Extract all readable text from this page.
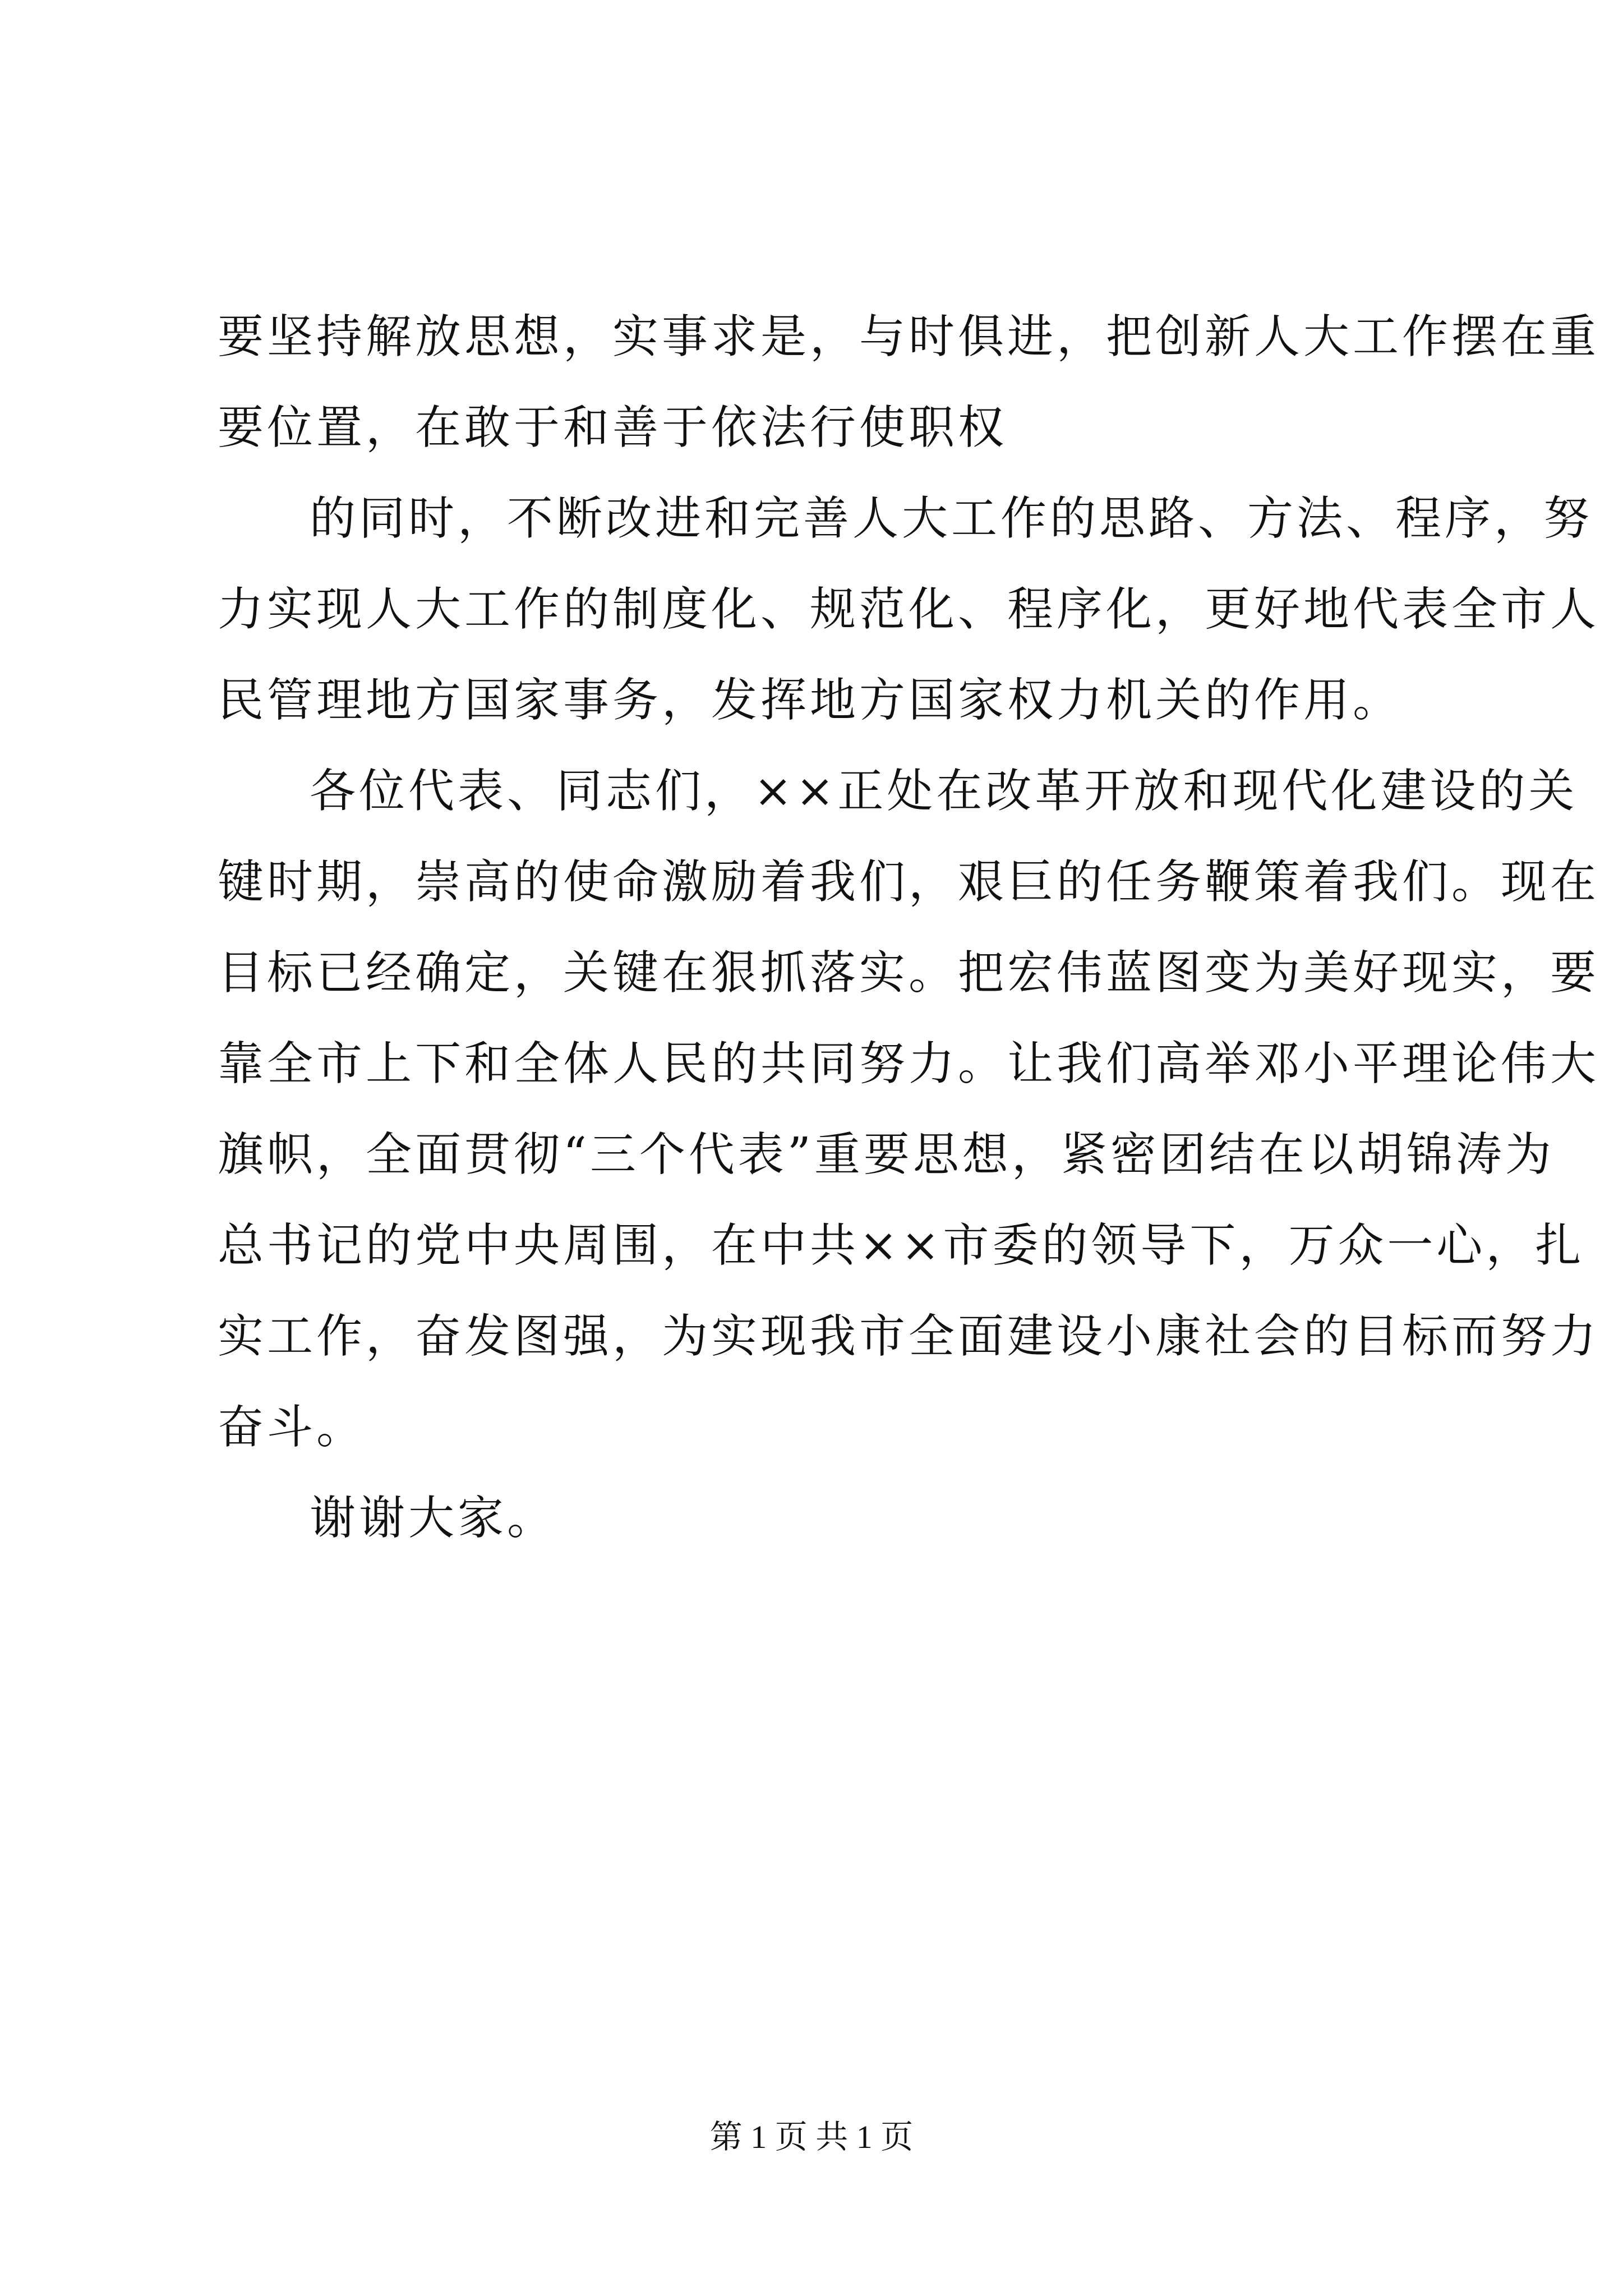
要坚持解放思想，实事求是，与时俱进，把创新人大工作摆在重
要位置，在敢于和善于依法行使职权
的同时，不断改进和完善人大工作的思路、方法、程序，努
力实现人大工作的制度化、规范化、程序化，更好地代表全市人
民管理地方国家事务，发挥地方国家权力机关的作用。
各位代表、同志们，××正处在改革开放和现代化建设的关
键时期，崇高的使命激励着我们，艰巨的任务鞭策着我们。现在
目标已经确定，关键在狠抓落实。把宏伟蓝图变为美好现实，要
靠全市上下和全体人民的共同努力。让我们高举邓小平理论伟大
旗帜，全面贯彻“三个代表”重要思想，紧密团结在以胡锦涛为
总书记的党中央周围，在中共××市委的领导下，万众一心，扎
实工作，奋发图强，为实现我市全面建设小康社会的目标而努力
奋斗。
谢谢大家。
第 1 页 共 1 页
